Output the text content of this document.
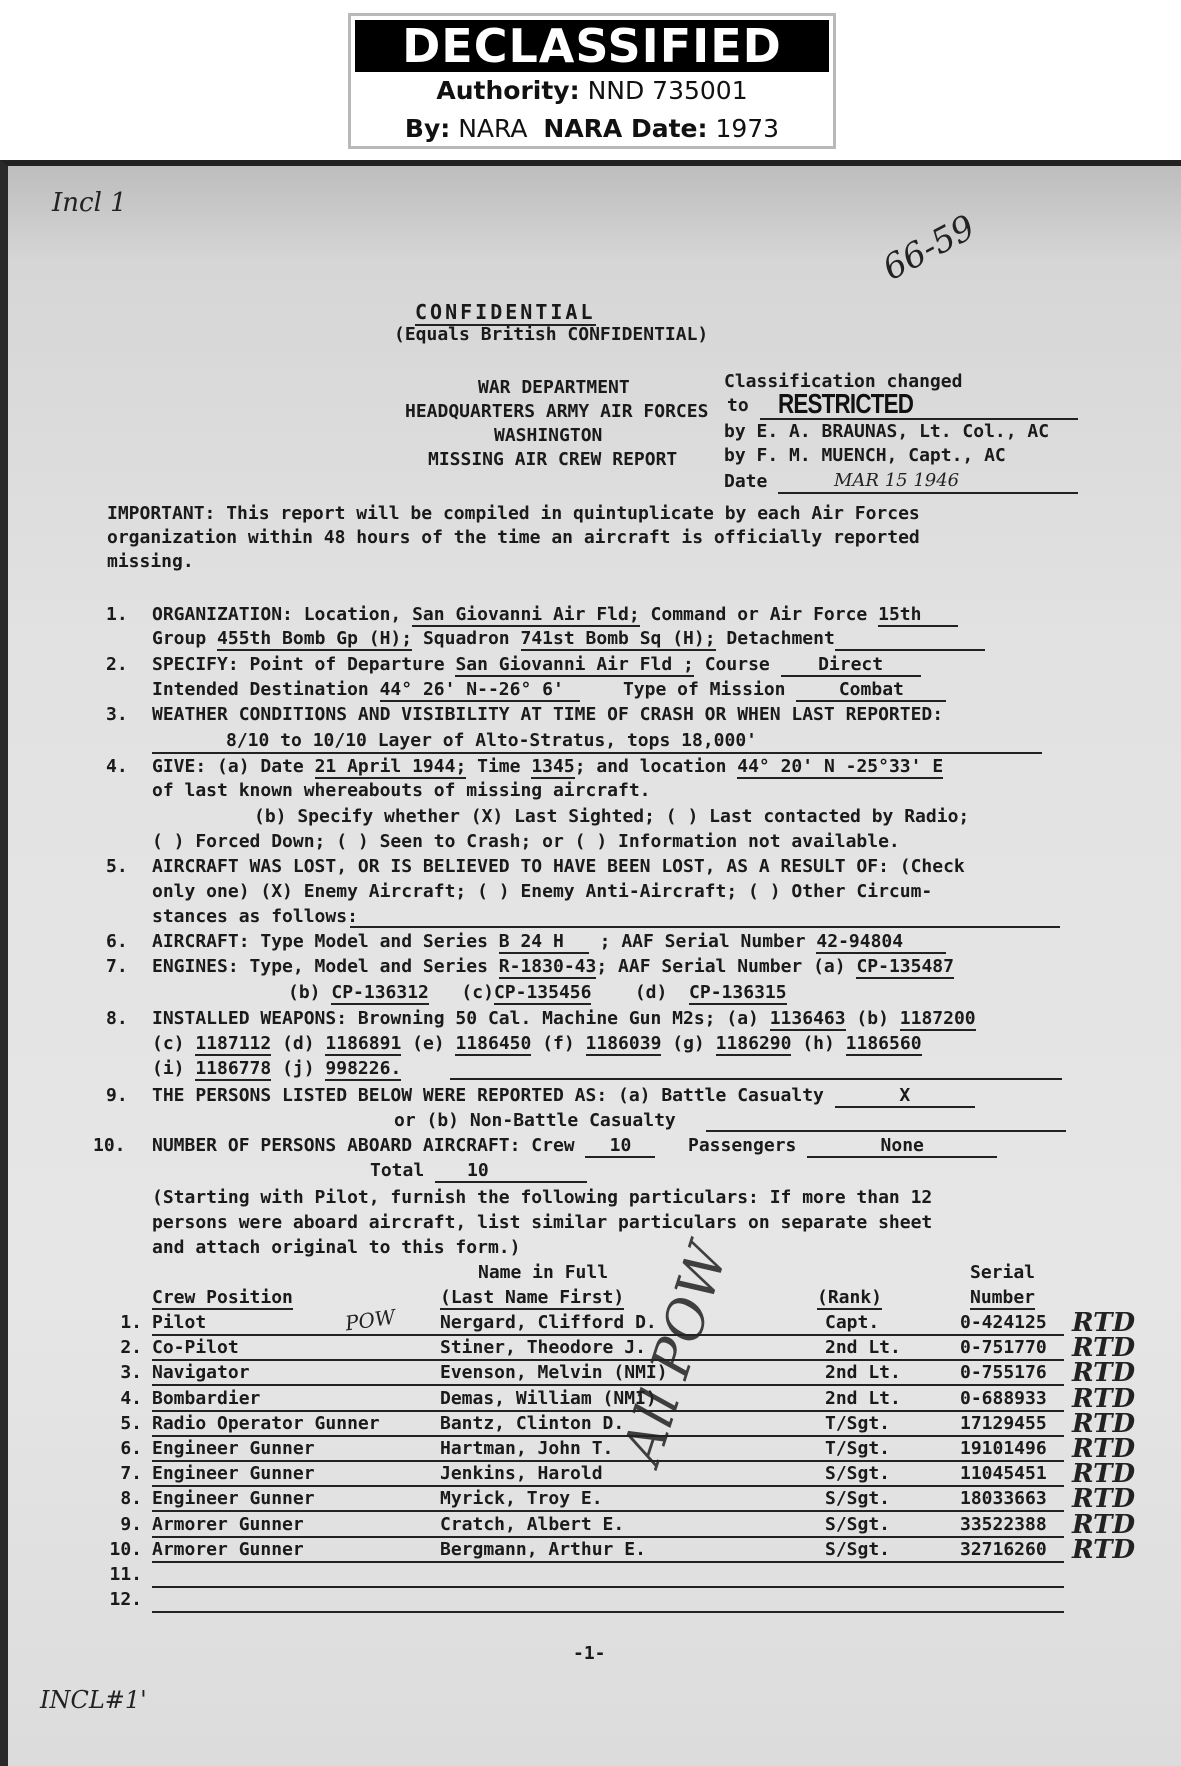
DECLASSIFIED
Authority: NND 735001
By: NARA NARA Date: 1973
Incl 1
66-59
INCL#1'
CONFIDENTIAL
(Equals British CONFIDENTIAL)
WAR DEPARTMENT
HEADQUARTERS ARMY AIR FORCES
WASHINGTON
MISSING AIR CREW REPORT
Classification changed
to RESTRICTED
by E. A. BRAUNAS, Lt. Col., AC
by F. M. MUENCH, Capt., AC
Date	MAR 15 1946
IMPORTANT: This report will be compiled in quintuplicate by each Air Forces
organization within 48 hours of the time an aircraft is officially reported
missing.
1. ORGANIZATION: Location, San Giovanni Air Fld; Command or Air Force 15th
Group 455th Bomb Gp (H); Squadron 741st Bomb Sq (H); Detachment
2. SPECIFY: Point of Departure San Giovanni Air Fld ; Course	Direct
Intended Destination 44° 26' N--26° 6'	Type of Mission	Combat
3. WEATHER CONDITIONS AND VISIBILITY AT TIME OF CRASH OR WHEN LAST REPORTED:
8/10 to 10/10 Layer of Alto-Stratus, tops 18,000'
4. GIVE: (a) Date 21 April 1944; Time 1345; and location 44° 20' N -25°33' E
of last known whereabouts of missing aircraft.
(b) Specify whether (X) Last Sighted; ( ) Last contacted by Radio;
( ) Forced Down; ( ) Seen to Crash; or ( ) Information not available.
5. AIRCRAFT WAS LOST, OR IS BELIEVED TO HAVE BEEN LOST, AS A RESULT OF: (Check
only one) (X) Enemy Aircraft; ( ) Enemy Anti-Aircraft; ( ) Other Circum-
stances as follows:
6. AIRCRAFT: Type Model and Series B 24 H ; AAF Serial Number 42-94804
7. ENGINES: Type, Model and Series R-1830-43; AAF Serial Number (a) CP-135487
(b) CP-136312 (c)CP-135456 (d) CP-136315
8. INSTALLED WEAPONS: Browning 50 Cal. Machine Gun M2s; (a) 1136463 (b) 1187200
(c) 1187112 (d) 1186891 (e) 1186450 (f) 1186039 (g) 1186290 (h) 1186560
(i) 1186778 (j) 998226.
9. THE PERSONS LISTED BELOW WERE REPORTED AS: (a) Battle Casualty	X
or (b) Non-Battle Casualty
10. NUMBER OF PERSONS ABOARD AIRCRAFT: Crew 10	Passengers	None
Total 10
(Starting with Pilot, furnish the following particulars: If more than 12
persons were aboard aircraft, list similar particulars on separate sheet
and attach original to this form.)
Name in Full	Serial
Crew Position	(Last Name First)	(Rank)	Number
1. Pilot	Nergard, Clifford D.	Capt.	0-424125 RTD
2. Co-Pilot	Stiner, Theodore J.	2nd Lt.	0-751770 RTD
3. Navigator	Evenson, Melvin (NMI)	2nd Lt.	0-755176 RTD
4. Bombardier	Demas, William (NMI)	2nd Lt.	0-688933 RTD
5. Radio Operator Gunner	Bantz, Clinton D.	T/Sgt.	17129455 RTD
6. Engineer Gunner	Hartman, John T.	T/Sgt.	19101496 RTD
7. Engineer Gunner	Jenkins, Harold	S/Sgt.	11045451 RTD
8. Engineer Gunner	Myrick, Troy E.	S/Sgt.	18033663 RTD
9. Armorer Gunner	Cratch, Albert E.	S/Sgt.	33522388 RTD
10. Armorer Gunner	Bergmann, Arthur E.	S/Sgt.	32716260 RTD
11.
12.
POW	All POW
-1-
